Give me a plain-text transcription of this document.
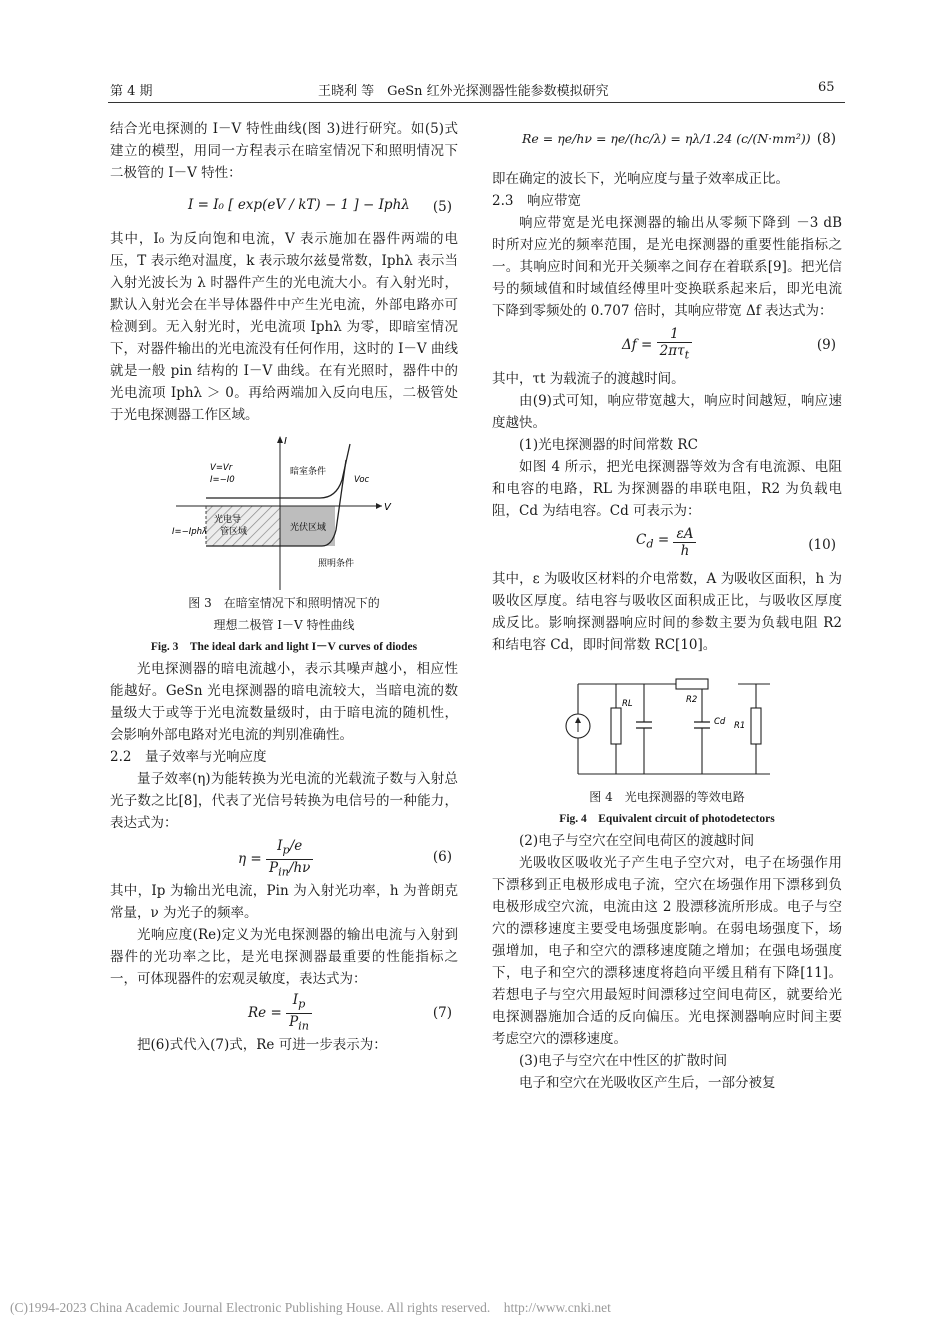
第 4 期	王晓利 等　GeSn 红外光探测器性能参数模拟研究	65

结合光电探测的 I－V 特性曲线(图 3)进行研究。如(5)式建立的模型，用同一方程表示在暗室情况下和照明情况下二极管的 I－V 特性：

I = I₀ [ exp(eV / kT) − 1 ] − Iphλ (5)

其中，I₀ 为反向饱和电流，V 表示施加在器件两端的电压，T 表示绝对温度，k 表示玻尔兹曼常数，Iphλ 表示当入射光波长为 λ 时器件产生的光电流大小。有入射光时，默认入射光会在半导体器件中产生光电流，外部电路亦可检测到。无入射光时，光电流项 Iphλ 为零，即暗室情况下，对器件输出的光电流没有任何作用，这时的 I－V 曲线就是一般 pin 结构的 I－V 曲线。在有光照时，器件中的光电流项 Iphλ ＞ 0。再给两端加入反向电压，二极管处于光电探测器工作区域。

I
V
V=Vr
I=−I0
暗室条件
Voc
光电导
管区域	光伏区域
I=−Iphλ
照明条件
图 3　在暗室情况下和照明情况下的
理想二极管 I－V 特性曲线
Fig. 3　The ideal dark and light I－V curves of diodes

光电探测器的暗电流越小，表示其噪声越小，相应性能越好。GeSn 光电探测器的暗电流较大，当暗电流的数量级大于或等于光电流数量级时，由于暗电流的随机性，会影响外部电路对光电流的判别准确性。

2.2　量子效率与光响应度

量子效率(η)为能转换为光电流的光载流子数与入射总光子数之比[8]，代表了光信号转换为电信号的一种能力，表达式为：

$\eta = \frac{I_p/e}{P_{in}/h\nu}$	(6)

其中，Ip 为输出光电流，Pin 为入射光功率，h 为普朗克常量，ν 为光子的频率。

光响应度(Re)定义为光电探测器的输出电流与入射到器件的光功率之比，是光电探测器最重要的性能指标之一，可体现器件的宏观灵敏度，表达式为：

$Re = \frac{I_p}{P_{in}}$	(7)

把(6)式代入(7)式，Re 可进一步表示为：

Re = ηe/hν = ηe/(hc/λ) = ηλ/1.24 (c/(N·mm²)) (8)

即在确定的波长下，光响应度与量子效率成正比。

2.3　响应带宽

响应带宽是光电探测器的输出从零频下降到 －3 dB 时所对应光的频率范围，是光电探测器的重要性能指标之一。其响应时间和光开关频率之间存在着联系[9]。把光信号的频域值和时域值经傅里叶变换联系起来后，即光电流下降到零频处的 0.707 倍时，其响应带宽 Δf 表达式为：

$\Delta f = \frac{1}{2\pi\tau_t}$	(9)

其中，τt 为载流子的渡越时间。

由(9)式可知，响应带宽越大，响应时间越短，响应速度越快。

(1)光电探测器的时间常数 RC

如图 4 所示，把光电探测器等效为含有电流源、电阻和电容的电路，RL 为探测器的串联电阻，R2 为负载电阻，Cd 为结电容。Cd 可表示为：

$C_d = \frac{\varepsilon A}{h}$	(10)

其中，ε 为吸收区材料的介电常数，A 为吸收区面积，h 为吸收区厚度。结电容与吸收区面积成正比，与吸收区厚度成反比。影响探测器响应时间的参数主要为负载电阻 R2 和结电容 Cd，即时间常数 RC[10]。

RL	R2
Cd R1
图 4　光电探测器的等效电路
Fig. 4　Equivalent circuit of photodetectors

(2)电子与空穴在空间电荷区的渡越时间

光吸收区吸收光子产生电子空穴对，电子在场强作用下漂移到正电极形成电子流，空穴在场强作用下漂移到负电极形成空穴流，电流由这 2 股漂移流所形成。电子与空穴的漂移速度主要受电场强度影响。在弱电场强度下，场强增加，电子和空穴的漂移速度随之增加；在强电场强度下，电子和空穴的漂移速度将趋向平缓且稍有下降[11]。若想电子与空穴用最短时间漂移过空间电荷区，就要给光电探测器施加合适的反向偏压。光电探测器响应时间主要考虑空穴的漂移速度。

(3)电子与空穴在中性区的扩散时间

电子和空穴在光吸收区产生后，一部分被复

(C)1994-2023 China Academic Journal Electronic Publishing House. All rights reserved.　http://www.cnki.net
